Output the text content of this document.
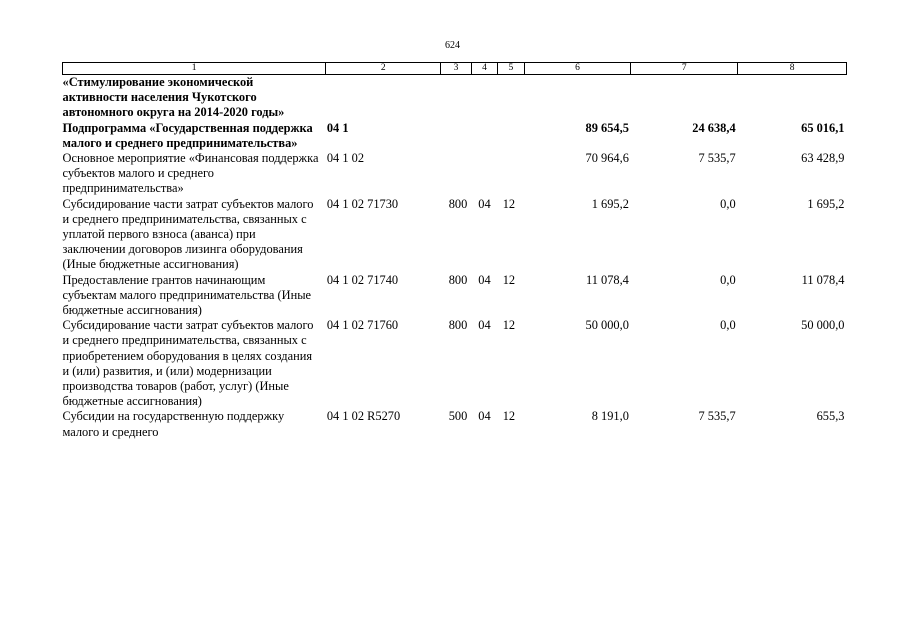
624
1	2	3	4	5	6	7	8

«Стимулирование экономической активности населения Чукотского автономного округа на 2014-2020 годы»							

Подпрограмма «Государственная поддержка малого и среднего предпринимательства»	04 1				89 654,5	24 638,4	65 016,1

Основное мероприятие «Финансовая поддержка субъектов малого и среднего предпринимательства»	04 1 02				70 964,6	7 535,7	63 428,9

Субсидирование части затрат субъектов малого и среднего предпринимательства, связанных с уплатой первого взноса (аванса) при заключении договоров лизинга оборудования (Иные бюджетные ассигнования)	04 1 02 71730	800	04	12	1 695,2	0,0	1 695,2

Предоставление грантов начинающим субъектам малого предпринимательства (Иные бюджетные ассигнования)	04 1 02 71740	800	04	12	11 078,4	0,0	11 078,4

Субсидирование части затрат субъектов малого и среднего предпринимательства, связанных с приобретением оборудования в целях создания и (или) развития, и (или) модернизации производства товаров (работ, услуг) (Иные бюджетные ассигнования)	04 1 02 71760	800	04	12	50 000,0	0,0	50 000,0

Субсидии на государственную поддержку малого и среднего	04 1 02 R5270	500	04	12	8 191,0	7 535,7	655,3
